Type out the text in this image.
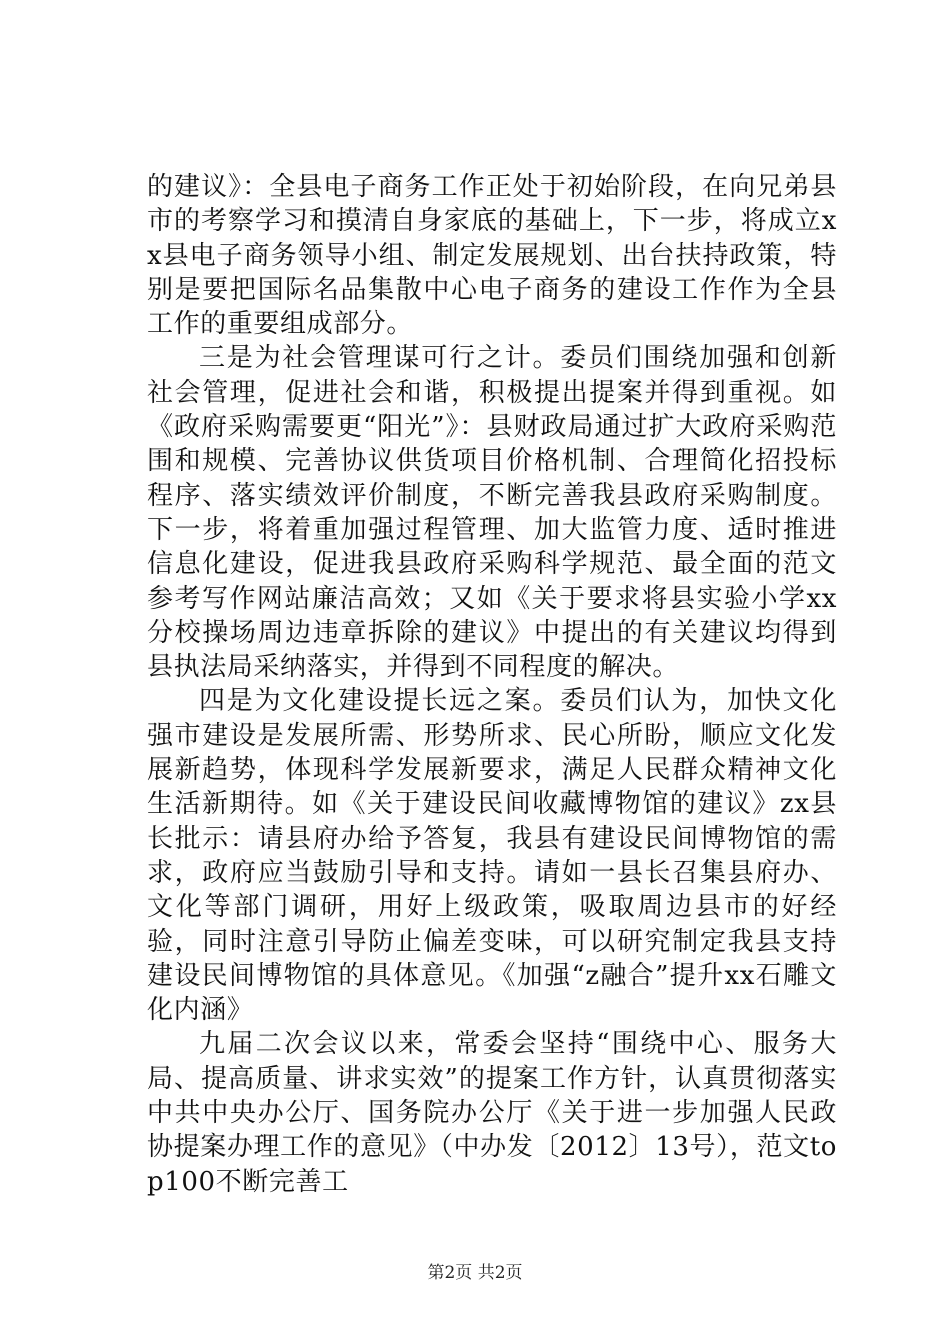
的建议》：全县电子商务工作正处于初始阶段，在向兄弟县市的考察学习和摸清自身家底的基础上，下一步，将成立xx县电子商务领导小组、制定发展规划、出台扶持政策，特别是要把国际名品集散中心电子商务的建设工作作为全县工作的重要组成部分。

三是为社会管理谋可行之计。委员们围绕加强和创新社会管理，促进社会和谐，积极提出提案并得到重视。如《政府采购需要更“阳光”》：县财政局通过扩大政府采购范围和规模、完善协议供货项目价格机制、合理简化招投标程序、落实绩效评价制度，不断完善我县政府采购制度。下一步，将着重加强过程管理、加大监管力度、适时推进信息化建设，促进我县政府采购科学规范、最全面的范文参考写作网站廉洁高效；又如《关于要求将县实验小学xx分校操场周边违章拆除的建议》中提出的有关建议均得到县执法局采纳落实，并得到不同程度的解决。

四是为文化建设提长远之案。委员们认为，加快文化强市建设是发展所需、形势所求、民心所盼，顺应文化发展新趋势，体现科学发展新要求，满足人民群众精神文化生活新期待。如《关于建设民间收藏博物馆的建议》zx县长批示：请县府办给予答复，我县有建设民间博物馆的需求，政府应当鼓励引导和支持。请如一县长召集县府办、文化等部门调研，用好上级政策，吸取周边县市的好经验，同时注意引导防止偏差变味，可以研究制定我县支持建设民间博物馆的具体意见。《加强“z融合”提升xx石雕文化内涵》

九届二次会议以来，常委会坚持“围绕中心、服务大局、提高质量、讲求实效”的提案工作方针，认真贯彻落实中共中央办公厅、国务院办公厅《关于进一步加强人民政协提案办理工作的意见》（中办发〔2012〕13号），范文top100不断完善工

第2页 共2页
